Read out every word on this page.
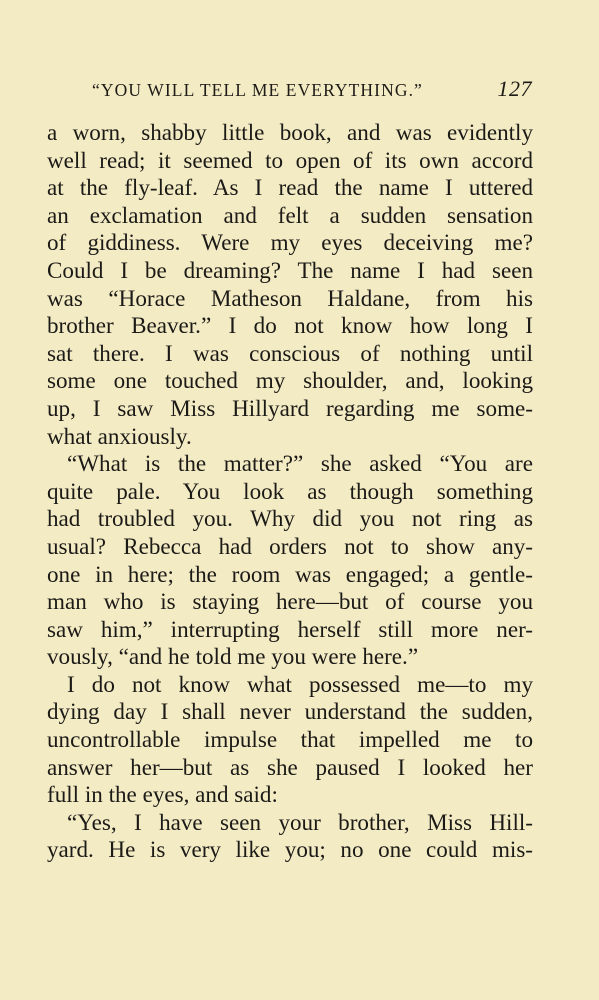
“YOU WILL TELL ME EVERYTHING.”	127
a worn, shabby little book, and was evidently
well read; it seemed to open of its own accord
at the fly-leaf. As I read the name I uttered
an exclamation and felt a sudden sensation
of giddiness. Were my eyes deceiving me?
Could I be dreaming? The name I had seen
was “Horace Matheson Haldane, from his
brother Beaver.” I do not know how long I
sat there. I was conscious of nothing until
some one touched my shoulder, and, looking
up, I saw Miss Hillyard regarding me some-
what anxiously.
“What is the matter?” she asked “You are
quite pale. You look as though something
had troubled you. Why did you not ring as
usual? Rebecca had orders not to show any-
one in here; the room was engaged; a gentle-
man who is staying here—but of course you
saw him,” interrupting herself still more ner-
vously, “and he told me you were here.”
I do not know what possessed me—to my
dying day I shall never understand the sudden,
uncontrollable impulse that impelled me to
answer her—but as she paused I looked her
full in the eyes, and said:
“Yes, I have seen your brother, Miss Hill-
yard. He is very like you; no one could mis-
